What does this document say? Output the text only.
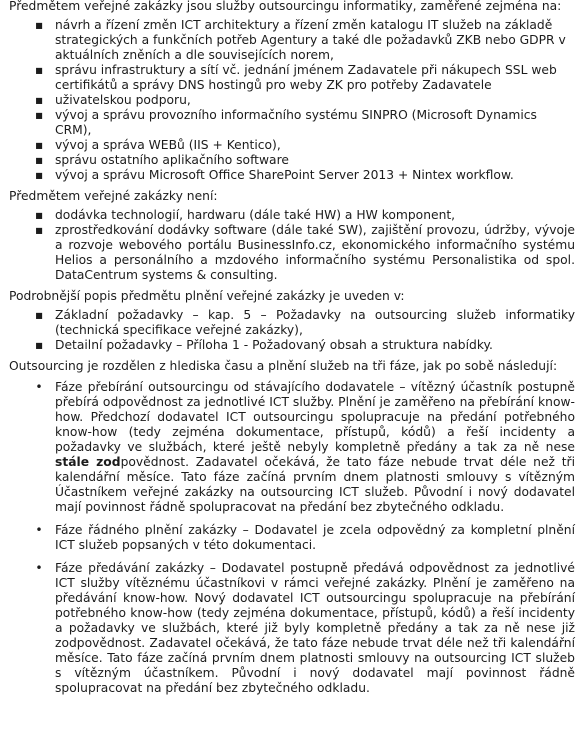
Předmětem veřejné zakázky jsou služby outsourcingu informatiky, zaměřené zejména na:

▪ návrh a řízení změn ICT architektury a řízení změn katalogu IT služeb na základě strategických a funkčních potřeb Agentury a také dle požadavků ZKB nebo GDPR v aktuálních zněních a dle souvisejících norem,
▪ správu infrastruktury a sítí vč. jednání jménem Zadavatele při nákupech SSL web certifikátů a správy DNS hostingů pro weby ZK pro potřeby Zadavatele
▪ uživatelskou podporu,
▪ vývoj a správu provozního informačního systému SINPRO (Microsoft Dynamics CRM),
▪ vývoj a správa WEBů (IIS + Kentico),
▪ správu ostatního aplikačního software
▪ vývoj a správu Microsoft Office SharePoint Server 2013 + Nintex workflow.

Předmětem veřejné zakázky není:

▪ dodávka technologií, hardwaru (dále také HW) a HW komponent,
▪ zprostředkování dodávky software (dále také SW), zajištění provozu, údržby, vývoje a rozvoje webového portálu BusinessInfo.cz, ekonomického informačního systému Helios a personálního a mzdového informačního systému Personalistika od spol. DataCentrum systems & consulting.

Podrobnější popis předmětu plnění veřejné zakázky je uveden v:

▪ Základní požadavky – kap. 5 – Požadavky na outsourcing služeb informatiky (technická specifikace veřejné zakázky),
▪ Detailní požadavky – Příloha 1 - Požadovaný obsah a struktura nabídky.

Outsourcing je rozdělen z hlediska času a plnění služeb na tři fáze, jak po sobě následují:

• Fáze přebírání outsourcingu od stávajícího dodavatele – vítězný účastník postupně přebírá odpovědnost za jednotlivé ICT služby. Plnění je zaměřeno na přebírání know-how. Předchozí dodavatel ICT outsourcingu spolupracuje na předání potřebného know-how (tedy zejména dokumentace, přístupů, kódů) a řeší incidenty a požadavky ve službách, které ještě nebyly kompletně předány a tak za ně nese stále zodpovědnost. Zadavatel očekává, že tato fáze nebude trvat déle než tři kalendářní měsíce. Tato fáze začíná prvním dnem platnosti smlouvy s vítězným Účastníkem veřejné zakázky na outsourcing ICT služeb. Původní i nový dodavatel mají povinnost řádně spolupracovat na předání bez zbytečného odkladu.
• Fáze řádného plnění zakázky – Dodavatel je zcela odpovědný za kompletní plnění ICT služeb popsaných v této dokumentaci.
• Fáze předávání zakázky – Dodavatel postupně předává odpovědnost za jednotlivé ICT služby vítěznému účastníkovi v rámci veřejné zakázky. Plnění je zaměřeno na předávání know-how. Nový dodavatel ICT outsourcingu spolupracuje na přebírání potřebného know-how (tedy zejména dokumentace, přístupů, kódů) a řeší incidenty a požadavky ve službách, které již byly kompletně předány a tak za ně nese již zodpovědnost. Zadavatel očekává, že tato fáze nebude trvat déle než tři kalendářní měsíce. Tato fáze začíná prvním dnem platnosti smlouvy na outsourcing ICT služeb s vítězným účastníkem. Původní i nový dodavatel mají povinnost řádně spolupracovat na předání bez zbytečného odkladu.
